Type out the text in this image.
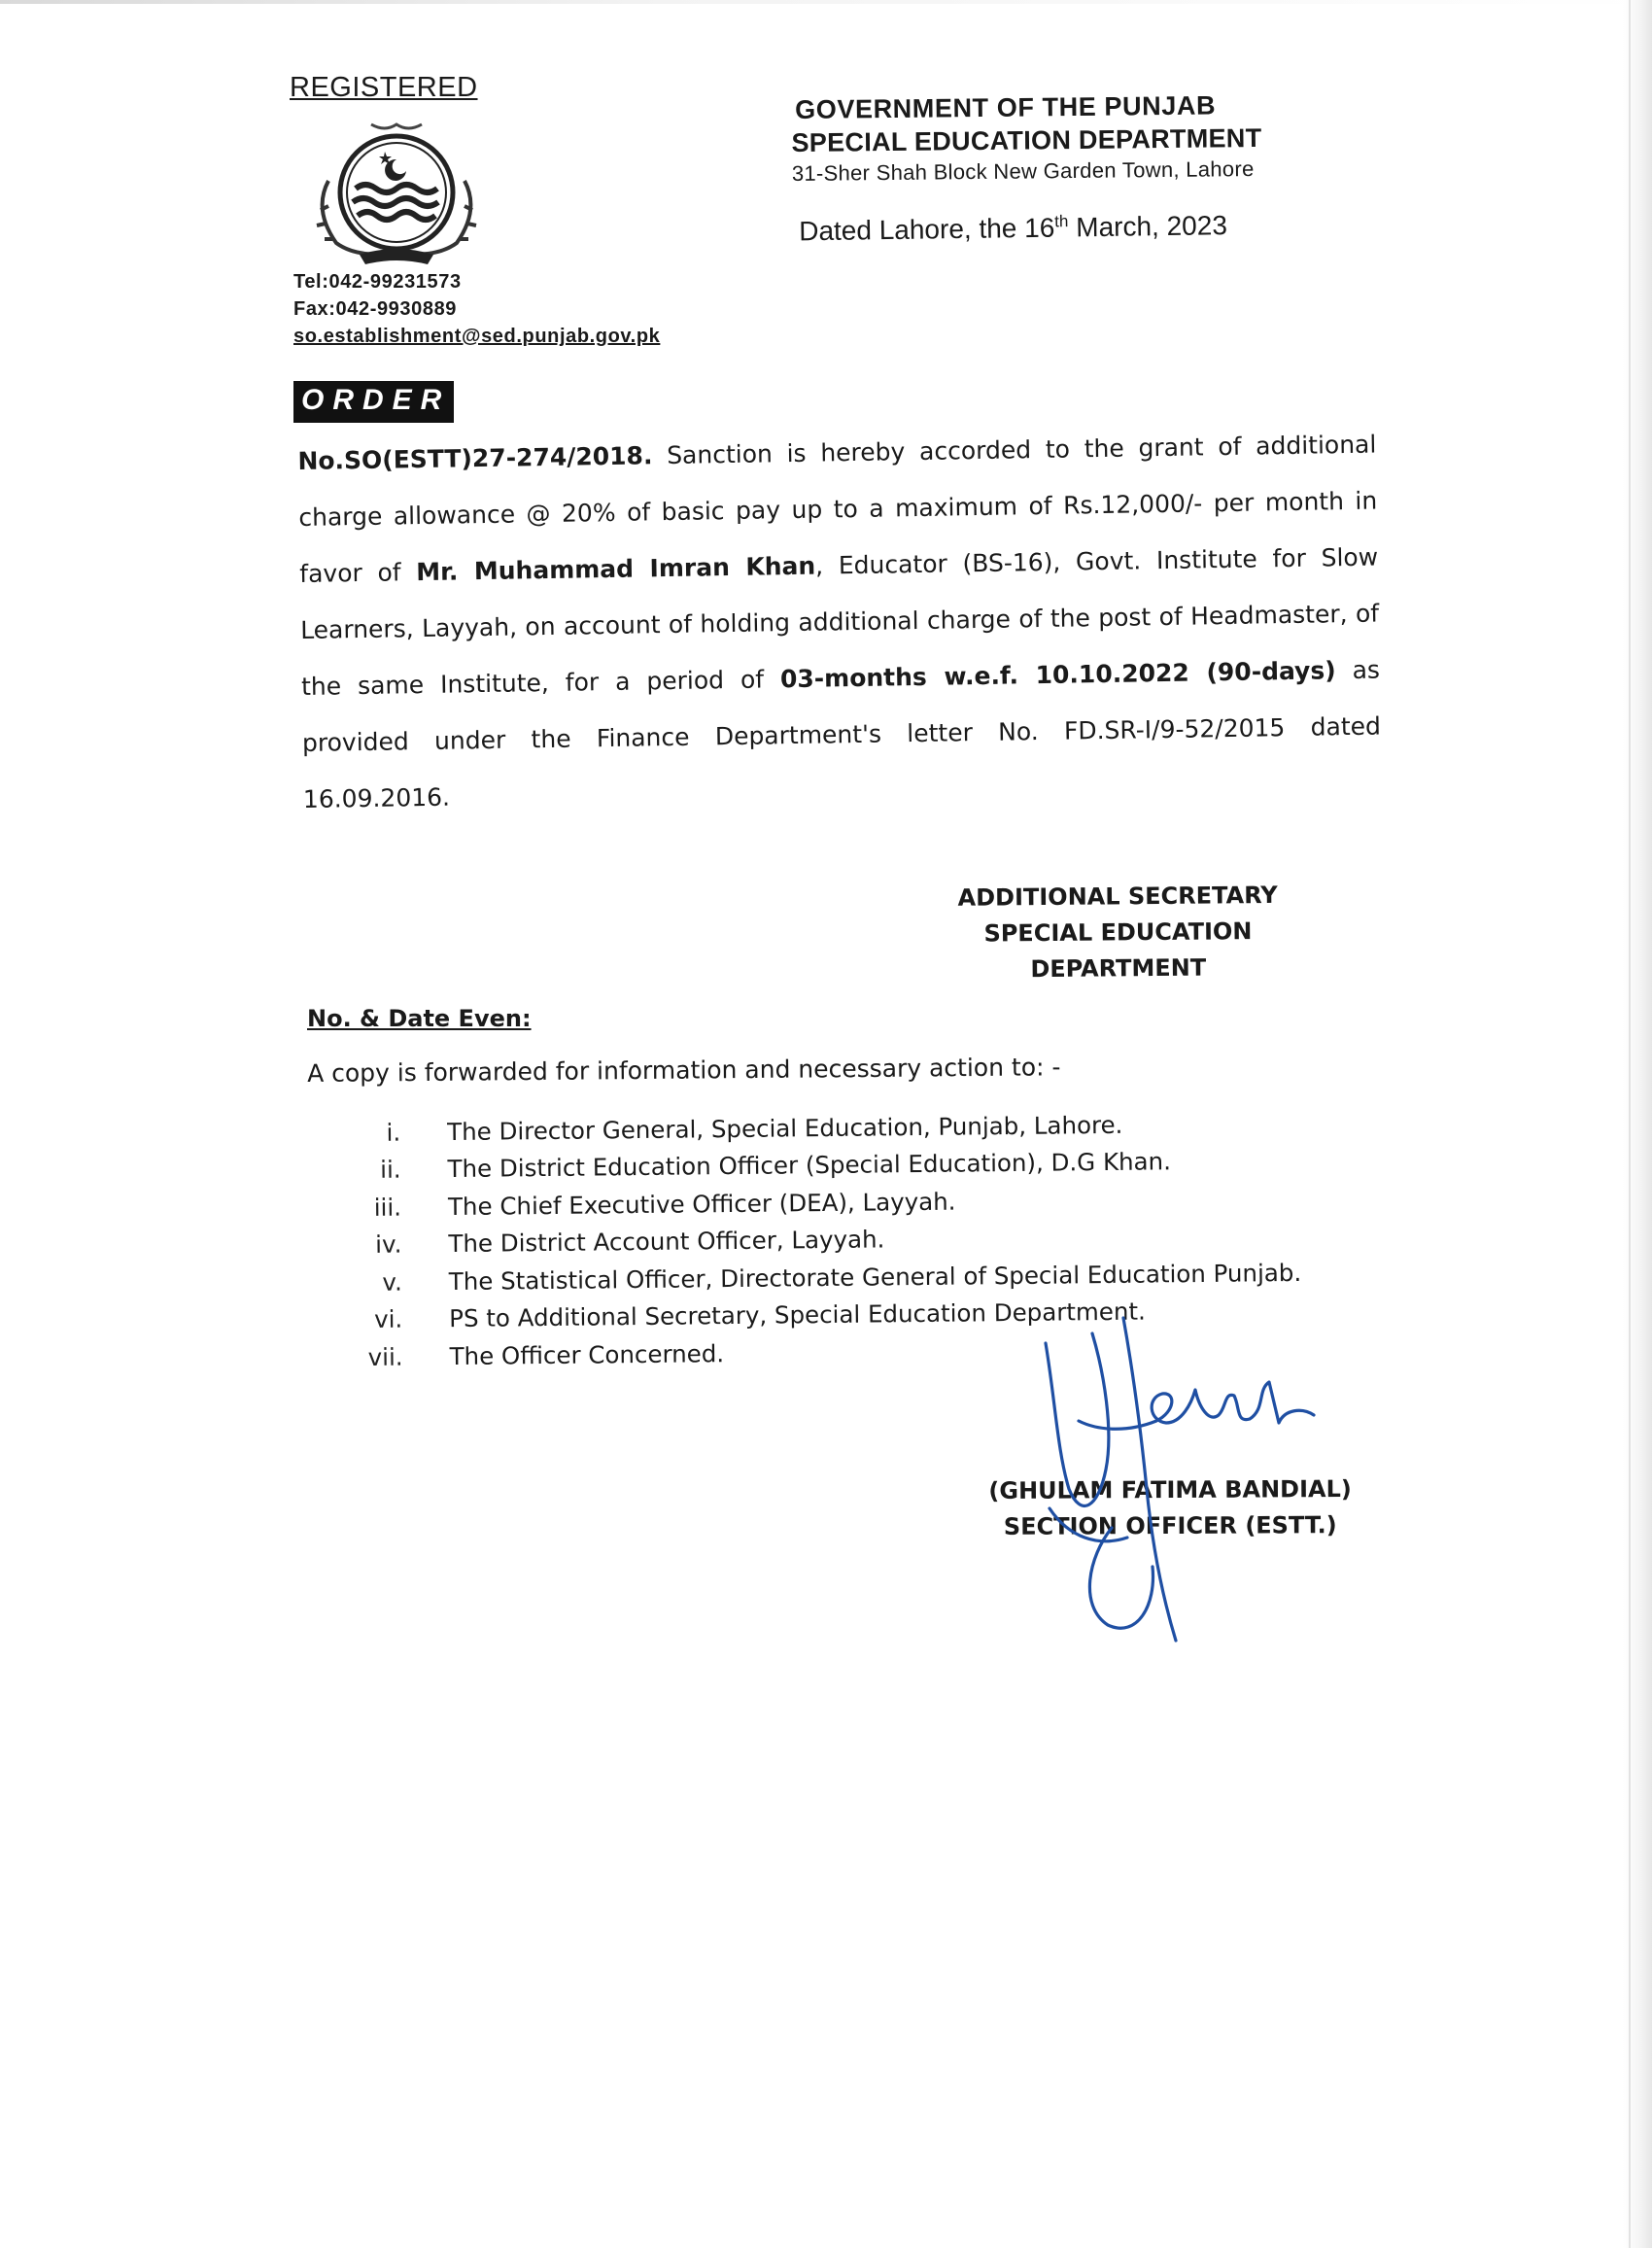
REGISTERED
Tel:042-99231573
Fax:042-9930889
so.establishment@sed.punjab.gov.pk
GOVERNMENT OF THE PUNJAB
SPECIAL EDUCATION DEPARTMENT
31-Sher Shah Block New Garden Town, Lahore
Dated Lahore, the 16th March, 2023
ORDER
No.SO(ESTT)27-274/2018. Sanction is hereby accorded to the grant of additional charge allowance @ 20% of basic pay up to a maximum of Rs.12,000/- per month in favor of Mr. Muhammad Imran Khan, Educator (BS-16), Govt. Institute for Slow Learners, Layyah, on account of holding additional charge of the post of Headmaster, of the same Institute, for a period of 03-months w.e.f. 10.10.2022 (90-days) as provided under the Finance Department's letter No. FD.SR-I/9-52/2015 dated 16.09.2016.
ADDITIONAL SECRETARY
SPECIAL EDUCATION
DEPARTMENT
No. & Date Even:
A copy is forwarded for information and necessary action to: -
i.	The Director General, Special Education, Punjab, Lahore.
ii.	The District Education Officer (Special Education), D.G Khan.
iii.	The Chief Executive Officer (DEA), Layyah.
iv.	The District Account Officer, Layyah.
v.	The Statistical Officer, Directorate General of Special Education Punjab.
vi.	PS to Additional Secretary, Special Education Department.
vii.	The Officer Concerned.
(GHULAM FATIMA BANDIAL)
SECTION OFFICER (ESTT.)
